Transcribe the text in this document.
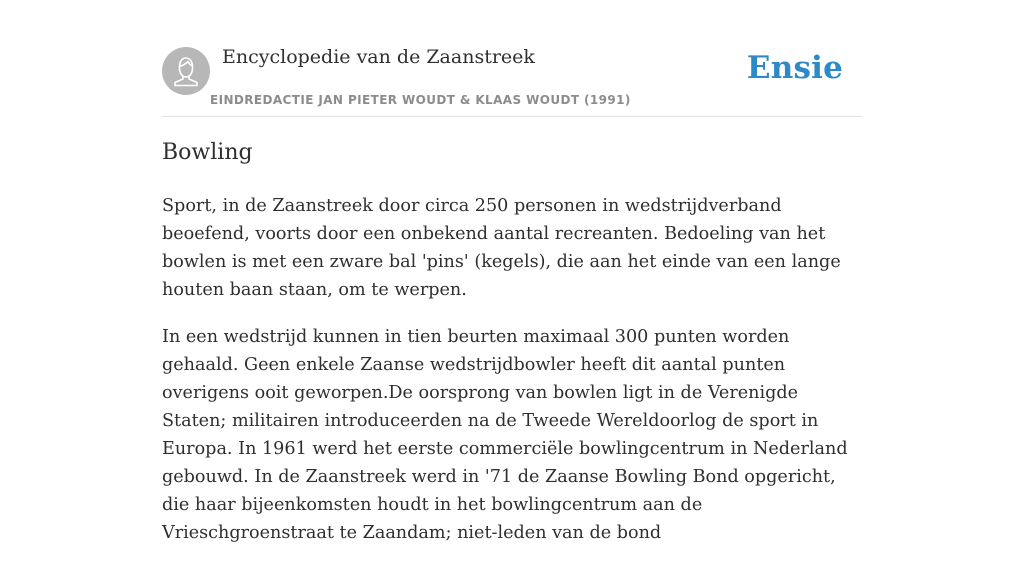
Encyclopedie van de Zaanstreek
EINDREDACTIE JAN PIETER WOUDT & KLAAS WOUDT (1991)
Ensie
Bowling

Sport, in de Zaanstreek door circa 250 personen in wedstrijdverband beoefend, voorts door een onbekend aantal recreanten. Bedoeling van het bowlen is met een zware bal 'pins' (kegels), die aan het einde van een lange houten baan staan, om te werpen.

In een wedstrijd kunnen in tien beurten maximaal 300 punten worden gehaald. Geen enkele Zaanse wedstrijdbowler heeft dit aantal punten overigens ooit geworpen.De oorsprong van bowlen ligt in de Verenigde Staten; militairen introduceerden na de Tweede Wereldoorlog de sport in Europa. In 1961 werd het eerste commerciële bowlingcentrum in Nederland gebouwd. In de Zaanstreek werd in '71 de Zaanse Bowling Bond opgericht, die haar bijeenkomsten houdt in het bowlingcentrum aan de Vrieschgroenstraat te Zaandam; niet-leden van de bond
